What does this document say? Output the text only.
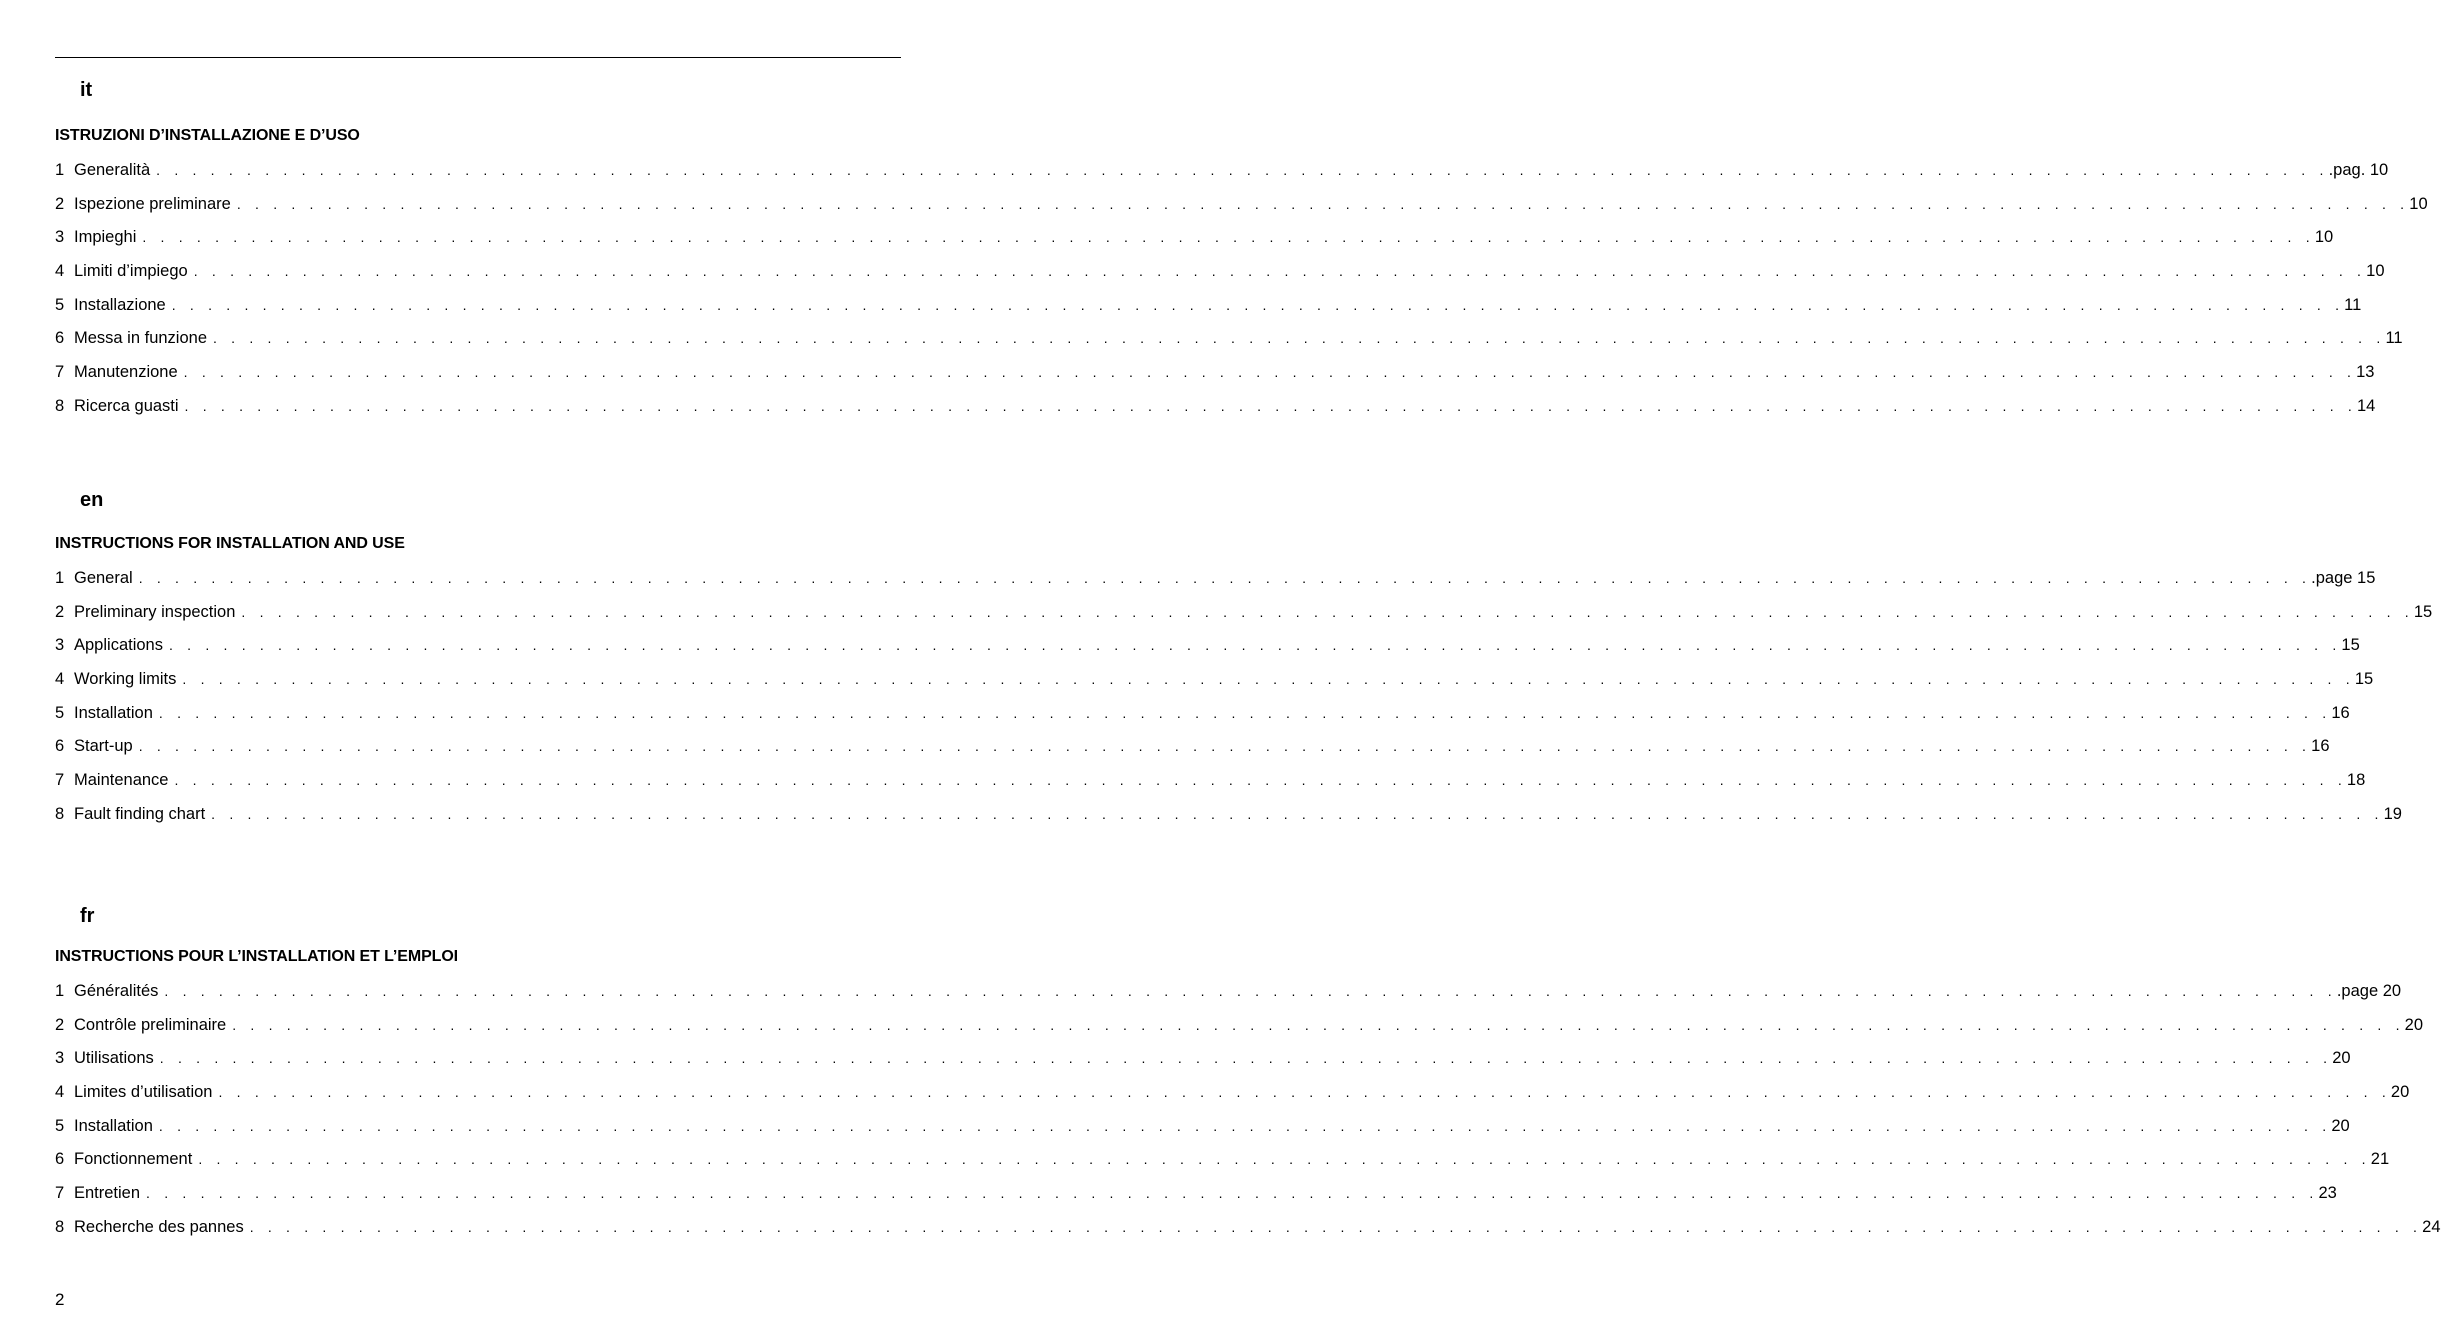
it
ISTRUZIONI D’INSTALLAZIONE E D’USO
1 Generalità . . . . . . . . . . . . . . . . . . . . . . . . . . . . . . . . . . . . . . . . . . . . . . . . . . . . . . . . . . . . . . . . . . . . . . . . . . . . . . . . . . . . . . . . . . . . . . . . . . . . . . . . . . . . . . . . . . . . . . . . .pag. 10
2 Ispezione preliminare . . . . . . . . . . . . . . . . . . . . . . . . . . . . . . . . . . . . . . . . . . . . . . . . . . . . . . . . . . . . . . . . . . . . . . . . . . . . . . . . . . . . . . . . . . . . . . . . . . . . . . . . . . . . . . . . . . . . . . . . 10
3 Impieghi . . . . . . . . . . . . . . . . . . . . . . . . . . . . . . . . . . . . . . . . . . . . . . . . . . . . . . . . . . . . . . . . . . . . . . . . . . . . . . . . . . . . . . . . . . . . . . . . . . . . . . . . . . . . . . . . . . . . . . . . 10
4 Limiti d’impiego . . . . . . . . . . . . . . . . . . . . . . . . . . . . . . . . . . . . . . . . . . . . . . . . . . . . . . . . . . . . . . . . . . . . . . . . . . . . . . . . . . . . . . . . . . . . . . . . . . . . . . . . . . . . . . . . . . . . . . . . 10
5 Installazione . . . . . . . . . . . . . . . . . . . . . . . . . . . . . . . . . . . . . . . . . . . . . . . . . . . . . . . . . . . . . . . . . . . . . . . . . . . . . . . . . . . . . . . . . . . . . . . . . . . . . . . . . . . . . . . . . . . . . . . . 11
6 Messa in funzione . . . . . . . . . . . . . . . . . . . . . . . . . . . . . . . . . . . . . . . . . . . . . . . . . . . . . . . . . . . . . . . . . . . . . . . . . . . . . . . . . . . . . . . . . . . . . . . . . . . . . . . . . . . . . . . . . . . . . . . . 11
7 Manutenzione . . . . . . . . . . . . . . . . . . . . . . . . . . . . . . . . . . . . . . . . . . . . . . . . . . . . . . . . . . . . . . . . . . . . . . . . . . . . . . . . . . . . . . . . . . . . . . . . . . . . . . . . . . . . . . . . . . . . . . . . 13
8 Ricerca guasti . . . . . . . . . . . . . . . . . . . . . . . . . . . . . . . . . . . . . . . . . . . . . . . . . . . . . . . . . . . . . . . . . . . . . . . . . . . . . . . . . . . . . . . . . . . . . . . . . . . . . . . . . . . . . . . . . . . . . . . . 14
en
INSTRUCTIONS FOR INSTALLATION AND USE
1 General . . . . . . . . . . . . . . . . . . . . . . . . . . . . . . . . . . . . . . . . . . . . . . . . . . . . . . . . . . . . . . . . . . . . . . . . . . . . . . . . . . . . . . . . . . . . . . . . . . . . . . . . . . . . . . . . . . . . . . . . .page 15
2 Preliminary inspection . . . . . . . . . . . . . . . . . . . . . . . . . . . . . . . . . . . . . . . . . . . . . . . . . . . . . . . . . . . . . . . . . . . . . . . . . . . . . . . . . . . . . . . . . . . . . . . . . . . . . . . . . . . . . . . . . . . . . . . . 15
3 Applications . . . . . . . . . . . . . . . . . . . . . . . . . . . . . . . . . . . . . . . . . . . . . . . . . . . . . . . . . . . . . . . . . . . . . . . . . . . . . . . . . . . . . . . . . . . . . . . . . . . . . . . . . . . . . . . . . . . . . . . . 15
4 Working limits . . . . . . . . . . . . . . . . . . . . . . . . . . . . . . . . . . . . . . . . . . . . . . . . . . . . . . . . . . . . . . . . . . . . . . . . . . . . . . . . . . . . . . . . . . . . . . . . . . . . . . . . . . . . . . . . . . . . . . . . 15
5 Installation . . . . . . . . . . . . . . . . . . . . . . . . . . . . . . . . . . . . . . . . . . . . . . . . . . . . . . . . . . . . . . . . . . . . . . . . . . . . . . . . . . . . . . . . . . . . . . . . . . . . . . . . . . . . . . . . . . . . . . . . 16
6 Start-up . . . . . . . . . . . . . . . . . . . . . . . . . . . . . . . . . . . . . . . . . . . . . . . . . . . . . . . . . . . . . . . . . . . . . . . . . . . . . . . . . . . . . . . . . . . . . . . . . . . . . . . . . . . . . . . . . . . . . . . . 16
7 Maintenance . . . . . . . . . . . . . . . . . . . . . . . . . . . . . . . . . . . . . . . . . . . . . . . . . . . . . . . . . . . . . . . . . . . . . . . . . . . . . . . . . . . . . . . . . . . . . . . . . . . . . . . . . . . . . . . . . . . . . . . . 18
8 Fault finding chart . . . . . . . . . . . . . . . . . . . . . . . . . . . . . . . . . . . . . . . . . . . . . . . . . . . . . . . . . . . . . . . . . . . . . . . . . . . . . . . . . . . . . . . . . . . . . . . . . . . . . . . . . . . . . . . . . . . . . . . . 19
fr
INSTRUCTIONS POUR L’INSTALLATION ET L’EMPLOI
1 Généralités . . . . . . . . . . . . . . . . . . . . . . . . . . . . . . . . . . . . . . . . . . . . . . . . . . . . . . . . . . . . . . . . . . . . . . . . . . . . . . . . . . . . . . . . . . . . . . . . . . . . . . . . . . . . . . . . . . . . . . . . .page 20
2 Contrôle preliminaire . . . . . . . . . . . . . . . . . . . . . . . . . . . . . . . . . . . . . . . . . . . . . . . . . . . . . . . . . . . . . . . . . . . . . . . . . . . . . . . . . . . . . . . . . . . . . . . . . . . . . . . . . . . . . . . . . . . . . . . . 20
3 Utilisations . . . . . . . . . . . . . . . . . . . . . . . . . . . . . . . . . . . . . . . . . . . . . . . . . . . . . . . . . . . . . . . . . . . . . . . . . . . . . . . . . . . . . . . . . . . . . . . . . . . . . . . . . . . . . . . . . . . . . . . . 20
4 Limites d’utilisation . . . . . . . . . . . . . . . . . . . . . . . . . . . . . . . . . . . . . . . . . . . . . . . . . . . . . . . . . . . . . . . . . . . . . . . . . . . . . . . . . . . . . . . . . . . . . . . . . . . . . . . . . . . . . . . . . . . . . . . . 20
5 Installation . . . . . . . . . . . . . . . . . . . . . . . . . . . . . . . . . . . . . . . . . . . . . . . . . . . . . . . . . . . . . . . . . . . . . . . . . . . . . . . . . . . . . . . . . . . . . . . . . . . . . . . . . . . . . . . . . . . . . . . . 20
6 Fonctionnement . . . . . . . . . . . . . . . . . . . . . . . . . . . . . . . . . . . . . . . . . . . . . . . . . . . . . . . . . . . . . . . . . . . . . . . . . . . . . . . . . . . . . . . . . . . . . . . . . . . . . . . . . . . . . . . . . . . . . . . . 21
7 Entretien . . . . . . . . . . . . . . . . . . . . . . . . . . . . . . . . . . . . . . . . . . . . . . . . . . . . . . . . . . . . . . . . . . . . . . . . . . . . . . . . . . . . . . . . . . . . . . . . . . . . . . . . . . . . . . . . . . . . . . . . 23
8 Recherche des pannes . . . . . . . . . . . . . . . . . . . . . . . . . . . . . . . . . . . . . . . . . . . . . . . . . . . . . . . . . . . . . . . . . . . . . . . . . . . . . . . . . . . . . . . . . . . . . . . . . . . . . . . . . . . . . . . . . . . . . . . . 24
2
